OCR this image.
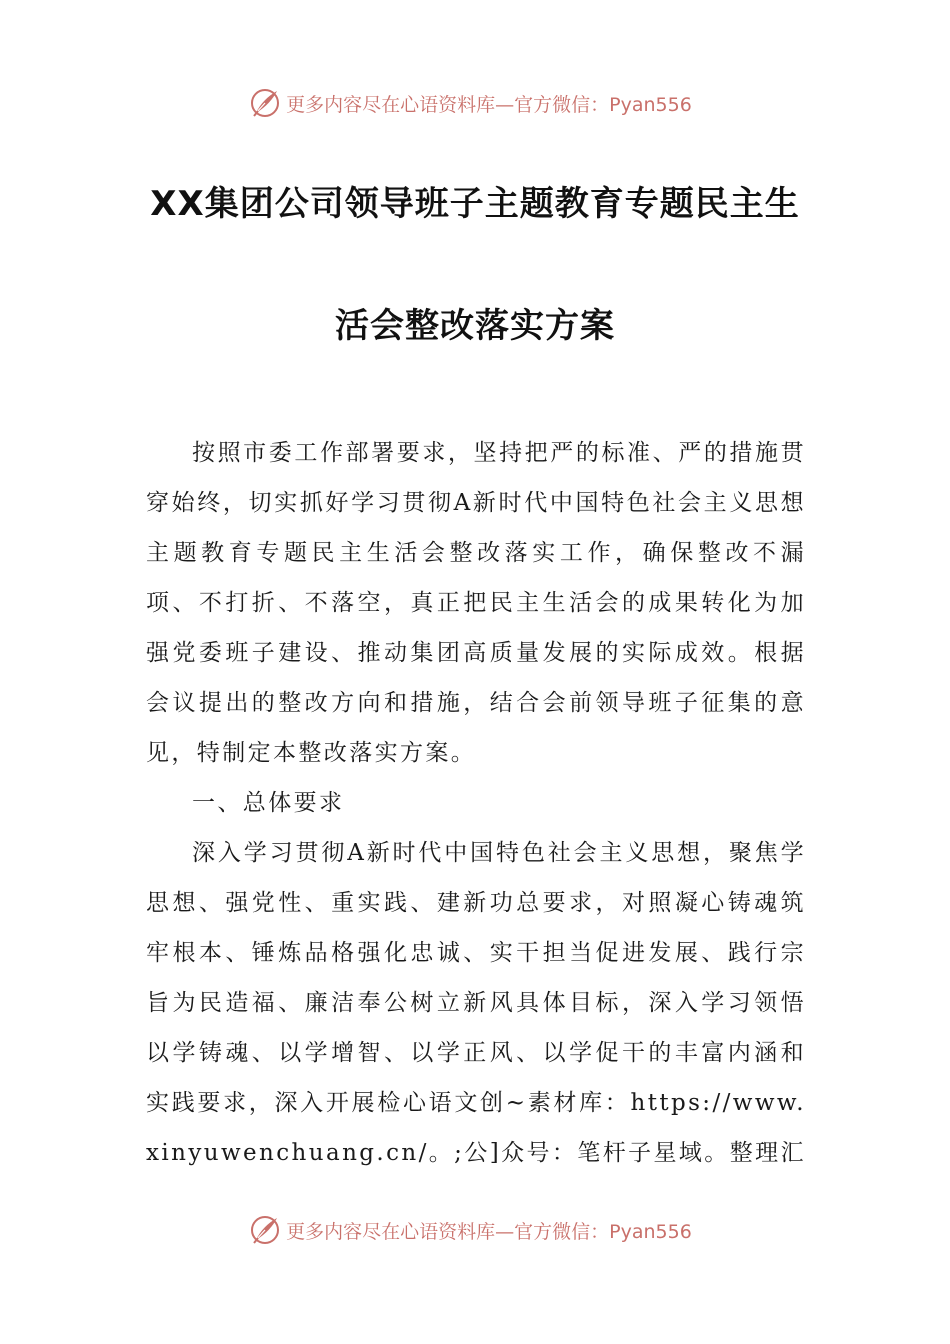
更多内容尽在心语资料库—官方微信：Pyan556
XX集团公司领导班子主题教育专题民主生
活会整改落实方案

按照市委工作部署要求，坚持把严的标准、严的措施贯穿始终，切实抓好学习贯彻A新时代中国特色社会主义思想主题教育专题民主生活会整改落实工作，确保整改不漏项、不打折、不落空，真正把民主生活会的成果转化为加强党委班子建设、推动集团高质量发展的实际成效。根据会议提出的整改方向和措施，结合会前领导班子征集的意见，特制定本整改落实方案。

一、总体要求

深入学习贯彻A新时代中国特色社会主义思想，聚焦学思想、强党性、重实践、建新功总要求，对照凝心铸魂筑牢根本、锤炼品格强化忠诚、实干担当促进发展、践行宗旨为民造福、廉洁奉公树立新风具体目标，深入学习领悟以学铸魂、以学增智、以学正风、以学促干的丰富内涵和实践要求，深入开展检心语文创~素材库：https://www.xinyuwenchuang.cn/。;公]众号：笔杆子星域。整理汇

更多内容尽在心语资料库—官方微信：Pyan556
